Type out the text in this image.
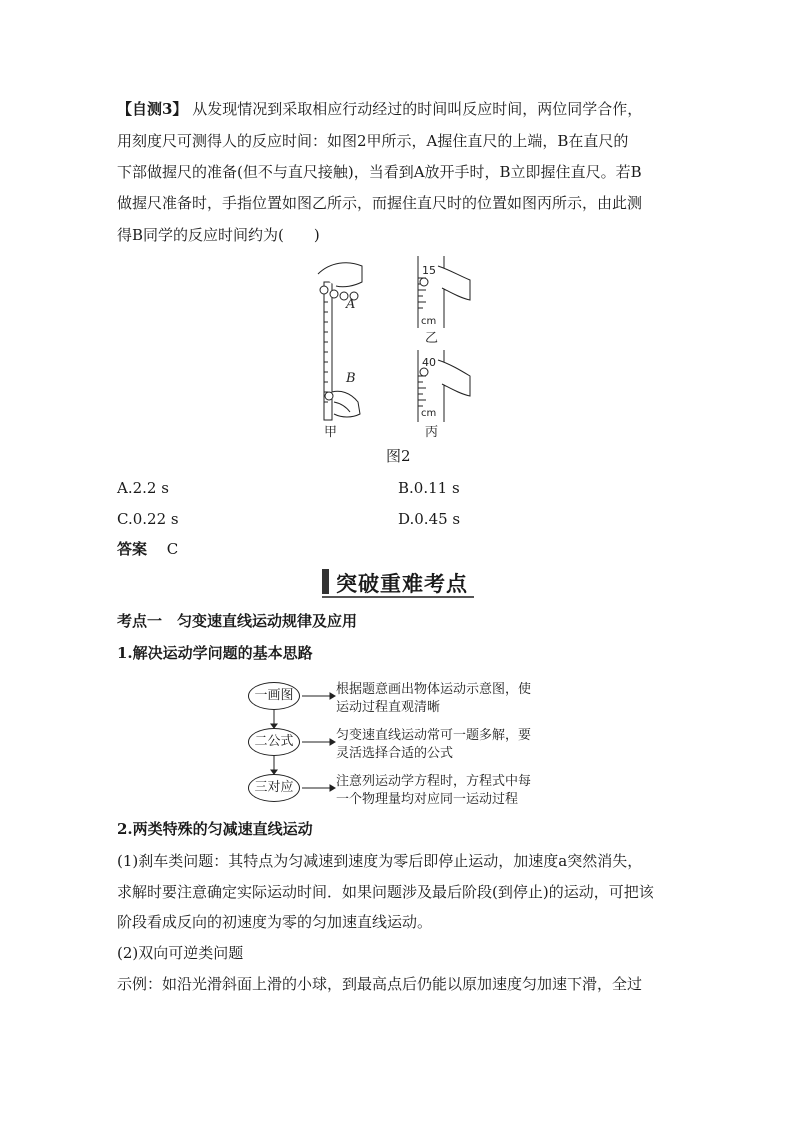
【自测3】 从发现情况到采取相应行动经过的时间叫反应时间，两位同学合作，
用刻度尺可测得人的反应时间：如图2甲所示，A握住直尺的上端，B在直尺的
下部做握尺的准备(但不与直尺接触)，当看到A放开手时，B立即握住直尺。若B
做握尺准备时，手指位置如图乙所示，而握住直尺时的位置如图丙所示，由此测
得B同学的反应时间约为(　　)
A
B
甲
15
cm
乙
40
cm
丙
图2
A.2.2 s	B.0.11 s
C.0.22 s	D.0.45 s
答案　 C
突破重难考点
考点一　匀变速直线运动规律及应用
1.解决运动学问题的基本思路
一画图
二公式
三对应
根据题意画出物体运动示意图，使
运动过程直观清晰
匀变速直线运动常可一题多解，要
灵活选择合适的公式
注意列运动学方程时，方程式中每
一个物理量均对应同一运动过程
2.两类特殊的匀减速直线运动
(1)刹车类问题：其特点为匀减速到速度为零后即停止运动，加速度a突然消失，
求解时要注意确定实际运动时间．如果问题涉及最后阶段(到停止)的运动，可把该
阶段看成反向的初速度为零的匀加速直线运动。
(2)双向可逆类问题
示例：如沿光滑斜面上滑的小球，到最高点后仍能以原加速度匀加速下滑，全过
